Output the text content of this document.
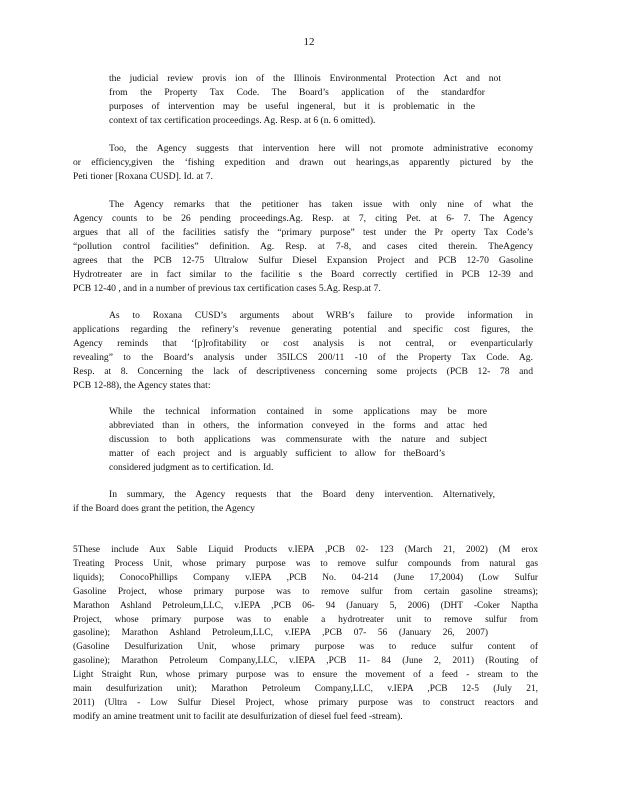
12
the judicial review provis ion of the Illinois Environmental Protection Act and not
from the Property Tax Code. The Board’s application of the standardfor
purposes of intervention may be useful ingeneral, but it is problematic in the
context of tax certification proceedings. Ag. Resp. at 6 (n. 6 omitted).
Too, the Agency suggests that intervention here will not promote administrative economy
or efficiency,given the ‘fishing expedition and drawn out hearings,as apparently pictured by the
Peti tioner [Roxana CUSD]. Id. at 7.
The Agency remarks that the petitioner has taken issue with only nine of what the
Agency counts to be 26 pending proceedings.Ag. Resp. at 7, citing Pet. at 6- 7. The Agency
argues that all of the facilities satisfy the “primary purpose” test under the Pr operty Tax Code’s
“pollution control facilities” definition. Ag. Resp. at 7-8, and cases cited therein. TheAgency
agrees that the PCB 12-75 Ultralow Sulfur Diesel Expansion Project and PCB 12-70 Gasoline
Hydrotreater are in fact similar to the facilitie s the Board correctly certified in PCB 12-39 and
PCB 12-40 , and in a number of previous tax certification cases 5.Ag. Resp.at 7.
As to Roxana CUSD’s arguments about WRB’s failure to provide information in
applications regarding the refinery’s revenue generating potential and specific cost figures, the
Agency reminds that ‘[p]rofitability or cost analysis is not central, or evenparticularly
revealing” to the Board’s analysis under 35ILCS 200/11 -10 of the Property Tax Code. Ag.
Resp. at 8. Concerning the lack of descriptiveness concerning some projects (PCB 12- 78 and
PCB 12-88), the Agency states that:
While the technical information contained in some applications may be more
abbreviated than in others, the information conveyed in the forms and attac hed
discussion to both applications was commensurate with the nature and subject
matter of each project and is arguably sufficient to allow for theBoard’s
considered judgment as to certification. Id.
In summary, the Agency requests that the Board deny intervention. Alternatively,
if the Board does grant the petition, the Agency
5These include Aux Sable Liquid Products v.IEPA ,PCB 02- 123 (March 21, 2002) (M erox
Treating Process Unit, whose primary purpose was to remove sulfur compounds from natural gas
liquids); ConocoPhillips Company v.IEPA ,PCB No. 04-214 (June 17,2004) (Low Sulfur
Gasoline Project, whose primary purpose was to remove sulfur from certain gasoline streams);
Marathon Ashland Petroleum,LLC, v.IEPA ,PCB 06- 94 (January 5, 2006) (DHT -Coker Naptha
Project, whose primary purpose was to enable a hydrotreater unit to remove sulfur from
gasoline); Marathon Ashland Petroleum,LLC, v.IEPA ,PCB 07- 56 (January 26, 2007)
(Gasoline Desulfurization Unit, whose primary purpose was to reduce sulfur content of
gasoline); Marathon Petroleum Company,LLC, v.IEPA ,PCB 11- 84 (June 2, 2011) (Routing of
Light Straight Run, whose primary purpose was to ensure the movement of a feed - stream to the
main desulfurization unit); Marathon Petroleum Company,LLC, v.IEPA ,PCB 12-5 (July 21,
2011) (Ultra - Low Sulfur Diesel Project, whose primary purpose was to construct reactors and
modify an amine treatment unit to facilit ate desulfurization of diesel fuel feed -stream).
